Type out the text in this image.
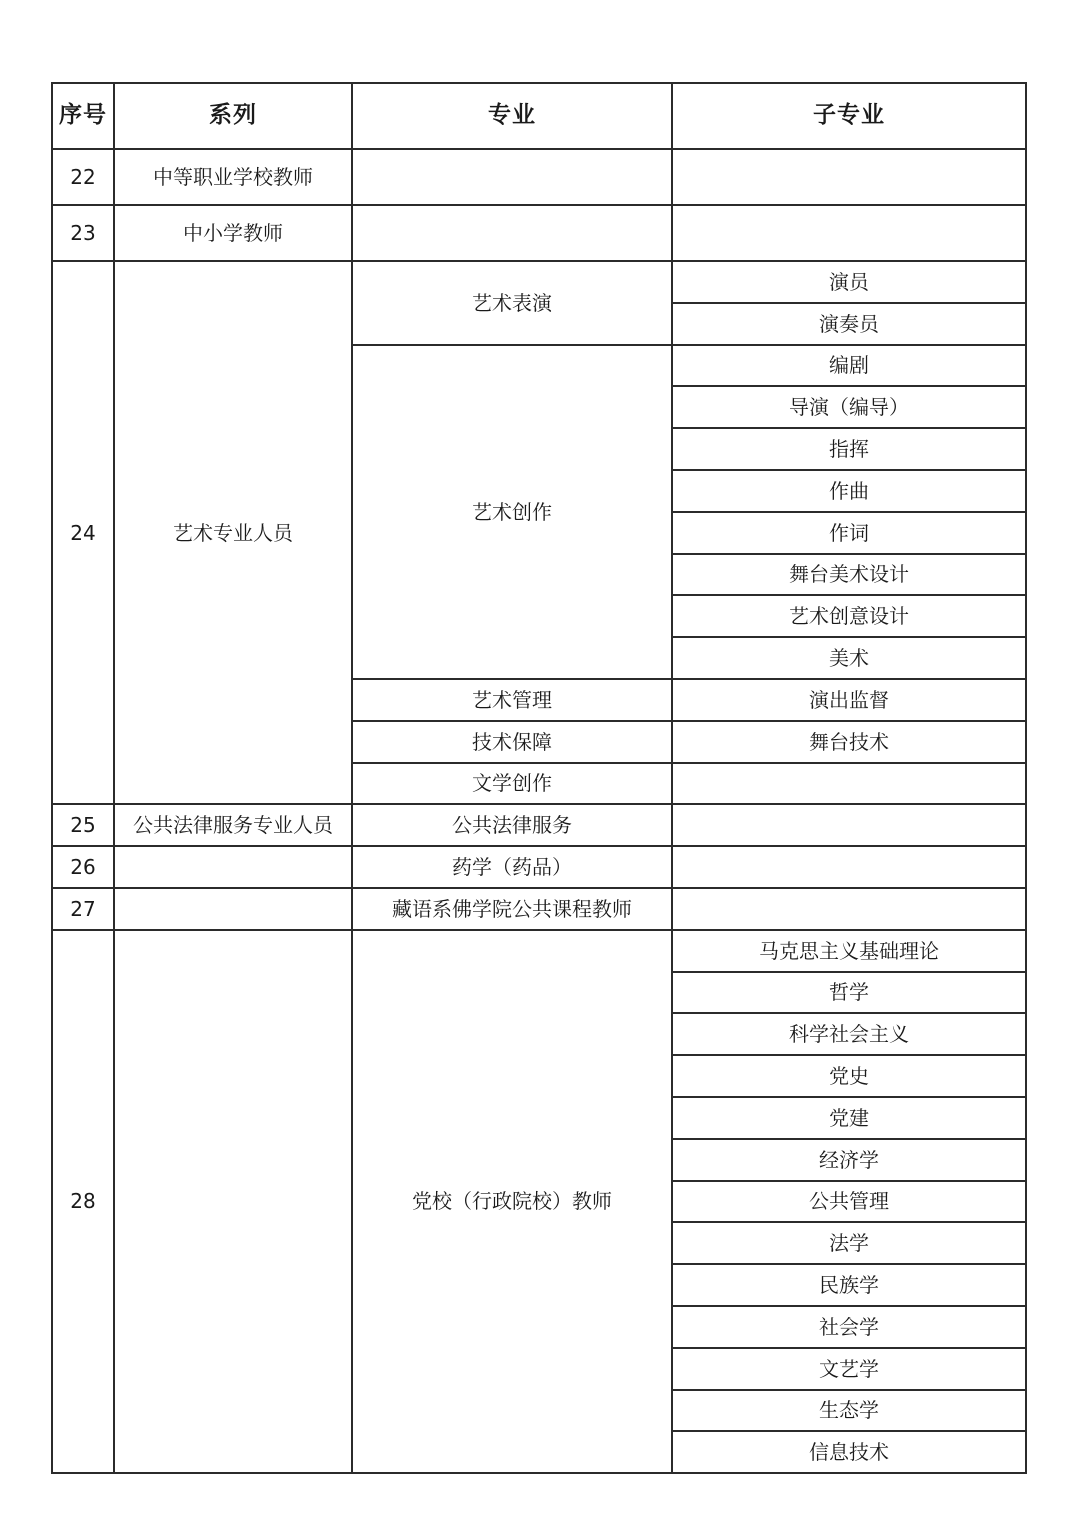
序号	系列	专业	子专业
22	中等职业学校教师		
23	中小学教师		
24	艺术专业人员	艺术表演	演员
			演奏员
		艺术创作	编剧
			导演（编导）
			指挥
			作曲
			作词
			舞台美术设计
			艺术创意设计
			美术
		艺术管理	演出监督
		技术保障	舞台技术
		文学创作	
25	公共法律服务专业人员	公共法律服务	
26		药学（药品）	
27		藏语系佛学院公共课程教师	
28		党校（行政院校）教师	马克思主义基础理论
			哲学
			科学社会主义
			党史
			党建
			经济学
			公共管理
			法学
			民族学
			社会学
			文艺学
			生态学
			信息技术
